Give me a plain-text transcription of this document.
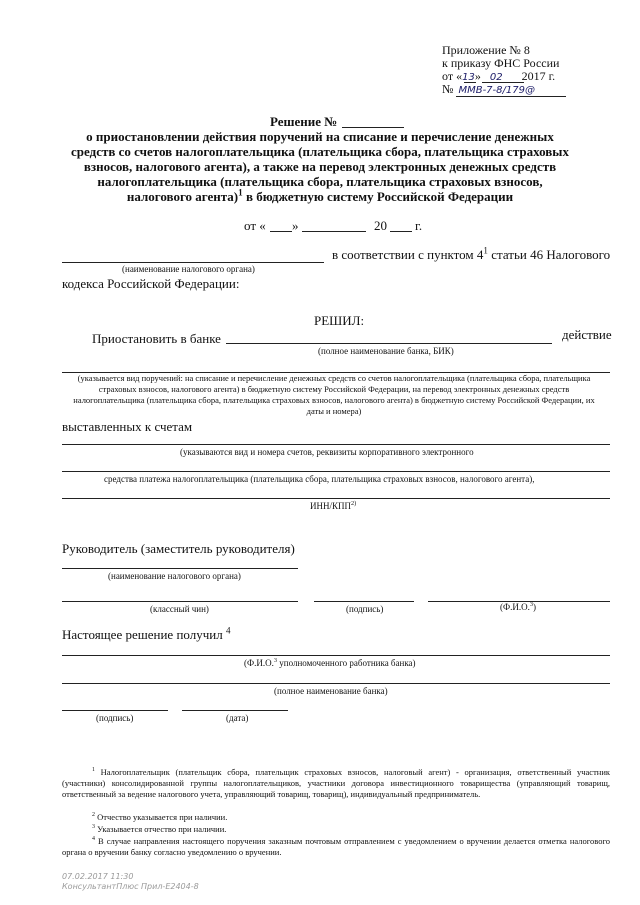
Приложение № 8
к приказу ФНС России
от «13» 02 2017 г.
№ ММВ-7-8/179@
Решение №
о приостановлении действия поручений на списание и перечисление денежных средств со счетов налогоплательщика (плательщика сбора, плательщика страховых взносов, налогового агента), а также на перевод электронных денежных средств налогоплательщика (плательщика сбора, плательщика страховых взносов, налогового агента)$^1$ в бюджетную систему Российской Федерации
от « »	20 г.
в соответствии с пунктом $4^1$ статьи 46 Налогового
(наименование налогового органа)
кодекса Российской Федерации:
РЕШИЛ:
Приостановить в банке	действие
(полное наименование банка, БИК)
(указывается вид поручений: на списание и перечисление денежных средств со счетов налогоплательщика (плательщика сбора, плательщика страховых взносов, налогового агента) в бюджетную систему Российской Федерации, на перевод электронных денежных средств налогоплательщика (плательщика сбора, плательщика страховых взносов, налогового агента) в бюджетную систему Российской Федерации, их даты и номера)
выставленных к счетам
(указываются вид и номера счетов, реквизиты корпоративного электронного
средства платежа налогоплательщика (плательщика сбора, плательщика страховых взносов, налогового агента),
ИНН/КПП$^{2)}$
Руководитель (заместитель руководителя)
(наименование налогового органа)
(классный чин)	(подпись)	(Ф.И.О.$^3$)
Настоящее решение получил $^4$
(Ф.И.О.$^3$ уполномоченного работника банка)
(полное наименование банка)
(подпись)	(дата)
$^1$ Налогоплательщик (плательщик сбора, плательщик страховых взносов, налоговый агент) - организация, ответственный участник (участники) консолидированной группы налогоплательщиков, участники договора инвестиционного товарищества (управляющий товарищ, ответственный за ведение налогового учета, управляющий товарищ, товарищ), индивидуальный предприниматель.
$^2$ Отчество указывается при наличии.
$^3$ Указывается отчество при наличии.
$^4$ В случае направления настоящего поручения заказным почтовым отправлением с уведомлением о вручении делается отметка налогового органа о вручении банку согласно уведомлению о вручении.
07.02.2017 11:30
КонсультантПлюс Прил-Е2404-8
